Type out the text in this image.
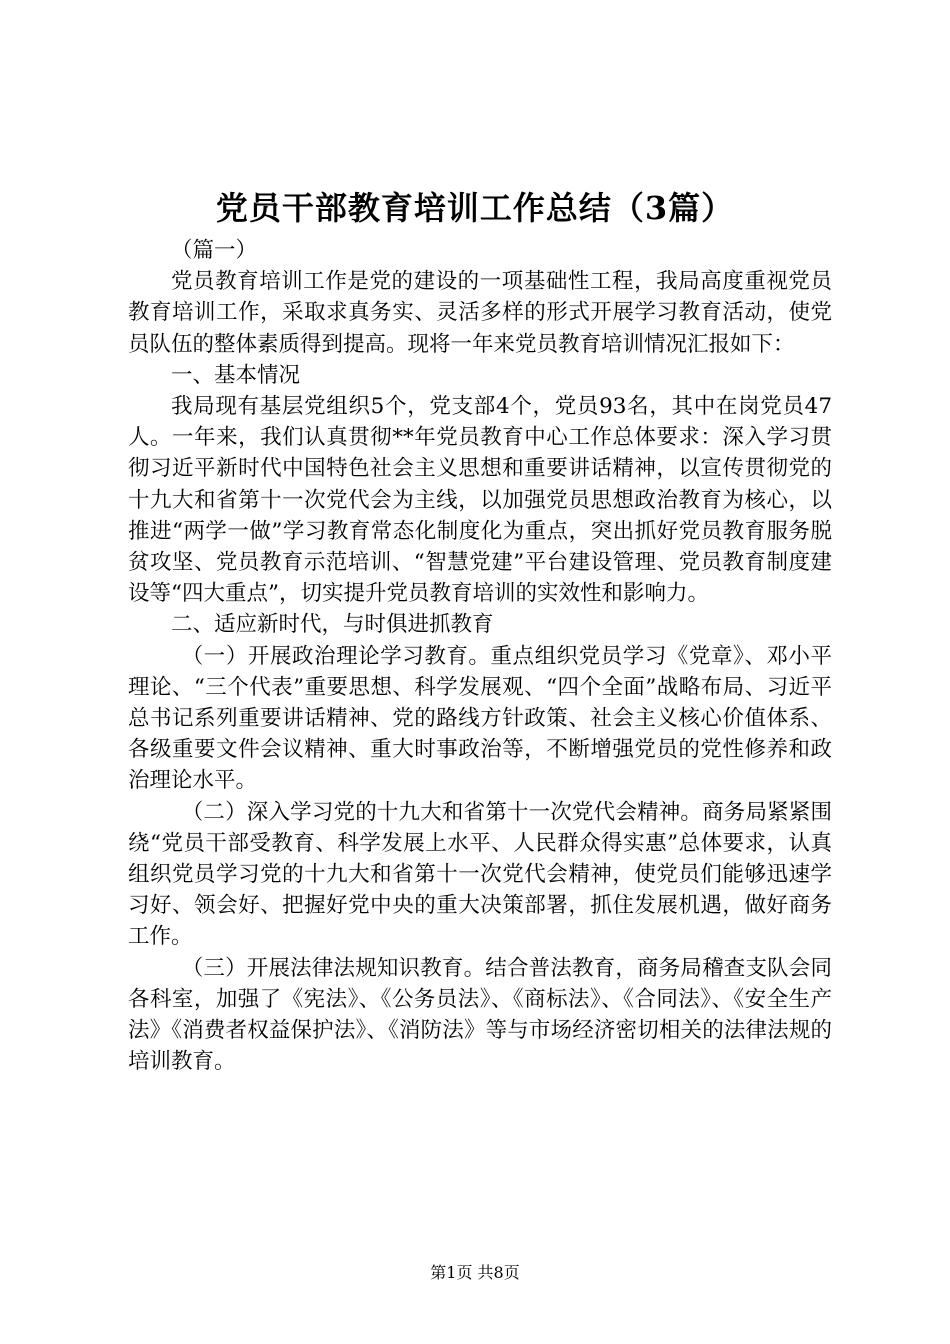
党员干部教育培训工作总结（3篇）

（篇一）

党员教育培训工作是党的建设的一项基础性工程，我局高度重视党员教育培训工作，采取求真务实、灵活多样的形式开展学习教育活动，使党员队伍的整体素质得到提高。现将一年来党员教育培训情况汇报如下：

一、基本情况

我局现有基层党组织5个，党支部4个，党员93名，其中在岗党员47人。一年来，我们认真贯彻**年党员教育中心工作总体要求：深入学习贯彻习近平新时代中国特色社会主义思想和重要讲话精神，以宣传贯彻党的十九大和省第十一次党代会为主线，以加强党员思想政治教育为核心，以推进“两学一做”学习教育常态化制度化为重点，突出抓好党员教育服务脱贫攻坚、党员教育示范培训、“智慧党建”平台建设管理、党员教育制度建设等“四大重点”，切实提升党员教育培训的实效性和影响力。

二、适应新时代，与时俱进抓教育

（一）开展政治理论学习教育。重点组织党员学习《党章》、邓小平理论、“三个代表”重要思想、科学发展观、“四个全面”战略布局、习近平总书记系列重要讲话精神、党的路线方针政策、社会主义核心价值体系、各级重要文件会议精神、重大时事政治等，不断增强党员的党性修养和政治理论水平。

（二）深入学习党的十九大和省第十一次党代会精神。商务局紧紧围绕“党员干部受教育、科学发展上水平、人民群众得实惠”总体要求，认真组织党员学习党的十九大和省第十一次党代会精神，使党员们能够迅速学习好、领会好、把握好党中央的重大决策部署，抓住发展机遇，做好商务工作。

（三）开展法律法规知识教育。结合普法教育，商务局稽查支队会同各科室，加强了《宪法》、《公务员法》、《商标法》、《合同法》、《安全生产法》《消费者权益保护法》、《消防法》等与市场经济密切相关的法律法规的培训教育。

第1页 共8页
